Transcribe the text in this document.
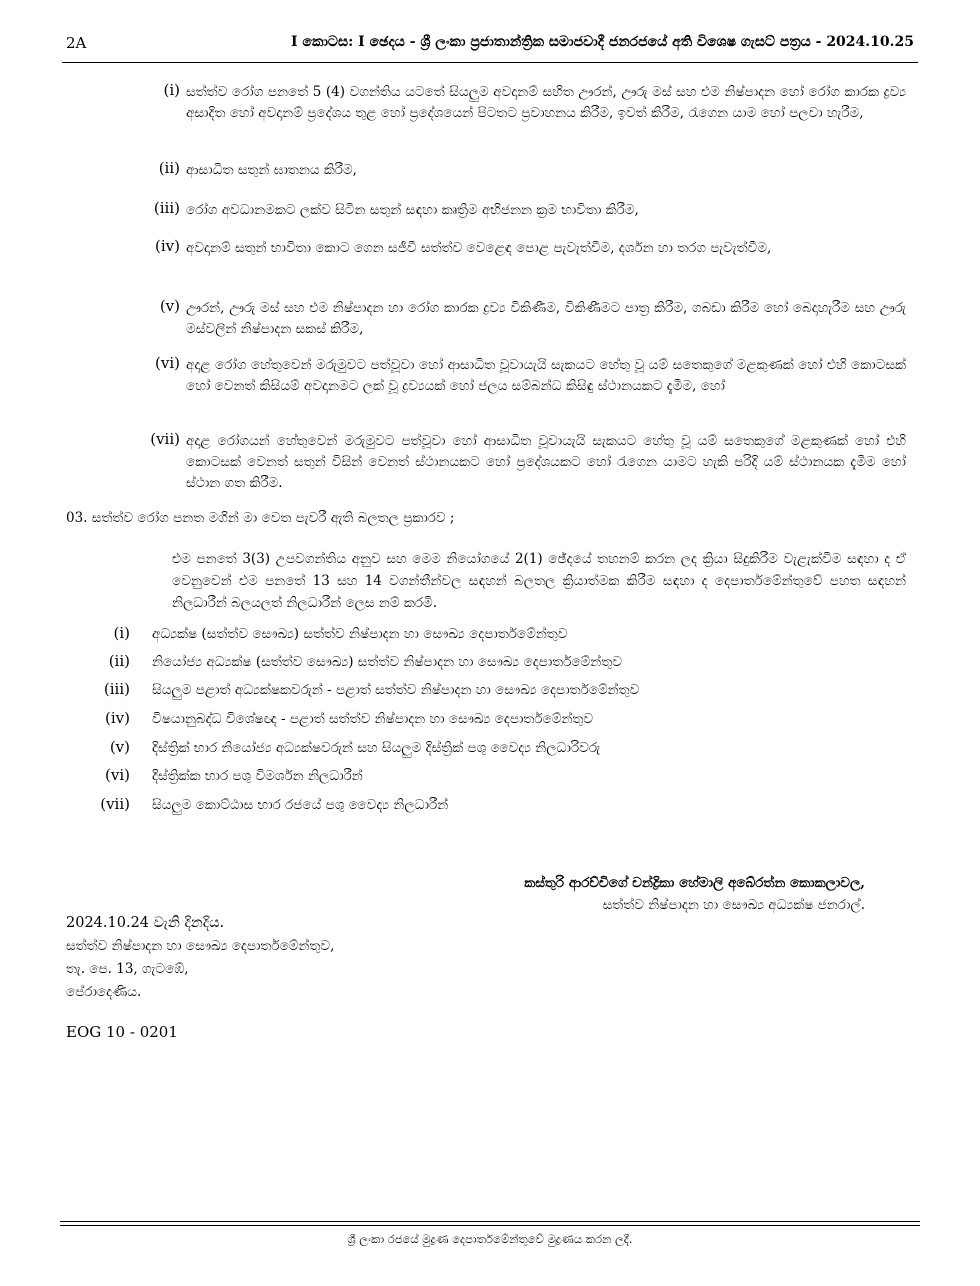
2A	I කොටස: I ඡෙදය - ශ්‍රී ලංකා ප්‍රජාතාන්ත්‍රික සමාජවාදී ජනරජයේ අති විශෙෂ ගැසට් පත්‍රය - 2024.10.25
(i) සත්ත්ව රෝග පනතේ 5 (4) වගන්තිය යටතේ සියලුම අවදානම් සහිත ඌරන්, ඌරු මස් සහ එම නිෂ්පාදන හෝ රෝග කාරක ද්‍රව්‍ය අසාදිත හෝ අවදානම් ප්‍රදේශය තුළ හෝ ප්‍රදේශයෙන් පිටතට ප්‍රවාහනය කිරීම, ඉවත් කිරීම, රැගෙන යාම හෝ පලවා හැරීම,
(ii) ආසාධිත සතුන් ඝාතනය කිරීම,
(iii) රෝග අවධානමකට ලක්ව සිටින සතුන් සඳහා කෘත්‍රිම අභිජනන ක්‍රම භාවිතා කිරීම,
(iv) අවදානම් සතුන් භාවිතා කොට ගෙන සජීවී සත්ත්ව වෙළෙඳ පොළ පැවැත්වීම, දර්ශන හා තරග පැවැත්වීම,
(v) ඌරන්, ඌරු මස් සහ එම නිෂ්පාදන හා රෝග කාරක ද්‍රව්‍ය විකිණීම, විකිණීමට පාත්‍ර කිරීම, ගබඩා කිරීම හෝ බෙදාහැරීම සහ ඌරු මස්වලින් නිෂ්පාදන සකස් කිරීම,
(vi) අදාළ රෝග හේතුවෙන් මරුමුවට පත්වූවා හෝ ආසාධිත වූවායැයි සැකයට හේතු වූ යම් සතෙකුගේ මළකුණක් හෝ එහි කොටසක් හෝ වෙනත් කිසියම් අවදානමට ලක් වූ ද්‍රව්‍යයක් හෝ ජලය සම්බන්ධ කිසිඳු ස්ථානයකට දැමීම, හෝ
(vii) අදාළ රෝගයන් හේතුවෙන් මරුමුවට පත්වූවා හෝ ආසාධිත වූවායැයි සැකයට හේතු වූ යම් සතෙකුගේ මළකුණක් හෝ එහි කොටසක් වෙනත් සතුන් විසින් වෙනත් ස්ථානයකට හෝ ප්‍රදේශයකට හෝ රැගෙන යාමට හැකි පරිදි යම් ස්ථානයක දැමීම හෝ ස්ථාන ගත කිරීම.
03. සත්ත්ව රෝග පනත මගින් මා වෙත පැවරී ඇති බලතල ප්‍රකාරව ;
එම පනතේ 3(3) උපවගන්තිය අනුව සහ මෙම නියෝගයේ 2(1) ඡේදයේ තහනම් කරන ලද ක්‍රියා සිදුකිරීම වැළැක්වීම සඳහා ද ඒ වෙනුවෙන් එම පනතේ 13 සහ 14 වගන්තීන්වල සඳහන් බලතල ක්‍රියාත්මක කිරීම සඳහා ද දෙපාර්තමේන්තුවේ පහත සඳහන් නිලධාරීන් බලයලත් නිලධාරීන් ලෙස නම් කරමි.
(i) අධ්‍යක්ෂ (සත්ත්ව සෞඛ්‍ය) සත්ත්ව නිෂ්පාදන හා සෞඛ්‍ය දෙපාර්තමේන්තුව
(ii) නියෝජ්‍ය අධ්‍යක්ෂ (සත්ත්ව සෞඛ්‍ය) සත්ත්ව නිෂ්පාදන හා සෞඛ්‍ය දෙපාර්තමේන්තුව
(iii) සියලුම පළාත් අධ්‍යක්ෂකවරුන් - පළාත් සත්ත්ව නිෂ්පාදන හා සෞඛ්‍ය දෙපාර්තමේන්තුව
(iv) විෂයානුබද්ධ විශේෂඥ - පළාත් සත්ත්ව නිෂ්පාදන හා සෞඛ්‍ය දෙපාර්තමේන්තුව
(v) දිස්ත්‍රික් භාර නියෝජ්‍ය අධ්‍යක්ෂවරුන් සහ සියලුම දිස්ත්‍රික් පශු වෛද්‍ය නිලධාරිවරු
(vi) දිස්ත්‍රික්ක භාර පශු විමර්ශන නිලධාරීන්
(vii) සියලුම කොට්ඨාස භාර රජයේ පශු වෛද්‍ය නිලධාරීන්
කස්තුරි ආරච්චිගේ චන්ද්‍රිකා හේමාලි අබේරත්න කොකලාවල,
සත්ත්ව නිෂ්පාදන හා සෞඛ්‍ය අධ්‍යක්ෂ ජනරාල්.
2024.10.24 වැනි දිනදිය.
සත්ත්ව නිෂ්පාදන හා සෞඛ්‍ය දෙපාර්තමේන්තුව,
තැ. පෙ. 13, ගැටඹේ,
පේරාදෙණිය.
EOG 10 - 0201
ශ්‍රී ලංකා රජයේ මුද්‍රණ දෙපාර්තමේන්තුවේ මුද්‍රණය කරන ලදී.
